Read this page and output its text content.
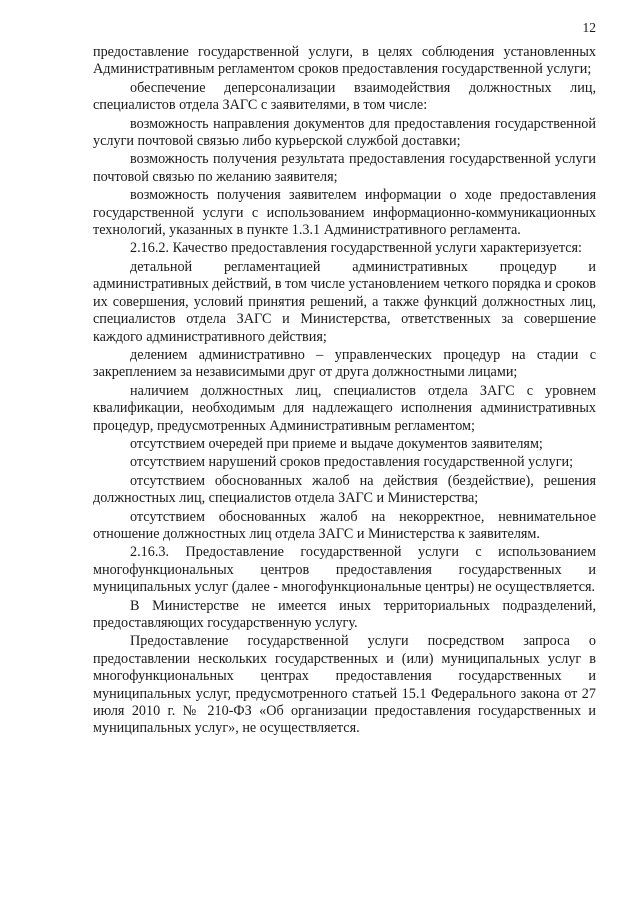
12

предоставление государственной услуги, в целях соблюдения установленных Административным регламентом сроков предоставления государственной услуги;

обеспечение деперсонализации взаимодействия должностных лиц, специалистов отдела ЗАГС с заявителями, в том числе:

возможность направления документов для предоставления государственной услуги почтовой связью либо курьерской службой доставки;

возможность получения результата предоставления государственной услуги почтовой связью по желанию заявителя;

возможность получения заявителем информации о ходе предоставления государственной услуги с использованием информационно-коммуникационных технологий, указанных в пункте 1.3.1 Административного регламента.

2.16.2. Качество предоставления государственной услуги характеризуется:

детальной регламентацией административных процедур и административных действий, в том числе установлением четкого порядка и сроков их совершения, условий принятия решений, а также функций должностных лиц, специалистов отдела ЗАГС и Министерства, ответственных за совершение каждого административного действия;

делением административно – управленческих процедур на стадии с закреплением за независимыми друг от друга должностными лицами;

наличием должностных лиц, специалистов отдела ЗАГС с уровнем квалификации, необходимым для надлежащего исполнения административных процедур, предусмотренных Административным регламентом;

отсутствием очередей при приеме и выдаче документов заявителям;

отсутствием нарушений сроков предоставления государственной услуги;

отсутствием обоснованных жалоб на действия (бездействие), решения должностных лиц, специалистов отдела ЗАГС и Министерства;

отсутствием обоснованных жалоб на некорректное, невнимательное отношение должностных лиц отдела ЗАГС и Министерства к заявителям.

2.16.3. Предоставление государственной услуги с использованием многофункциональных центров предоставления государственных и муниципальных услуг (далее - многофункциональные центры) не осуществляется.

В Министерстве не имеется иных территориальных подразделений, предоставляющих государственную услугу.

Предоставление государственной услуги посредством запроса о предоставлении нескольких государственных и (или) муниципальных услуг в многофункциональных центрах предоставления государственных и муниципальных услуг, предусмотренного статьей 15.1 Федерального закона от 27 июля 2010 г. № 210-ФЗ «Об организации предоставления государственных и муниципальных услуг», не осуществляется.
